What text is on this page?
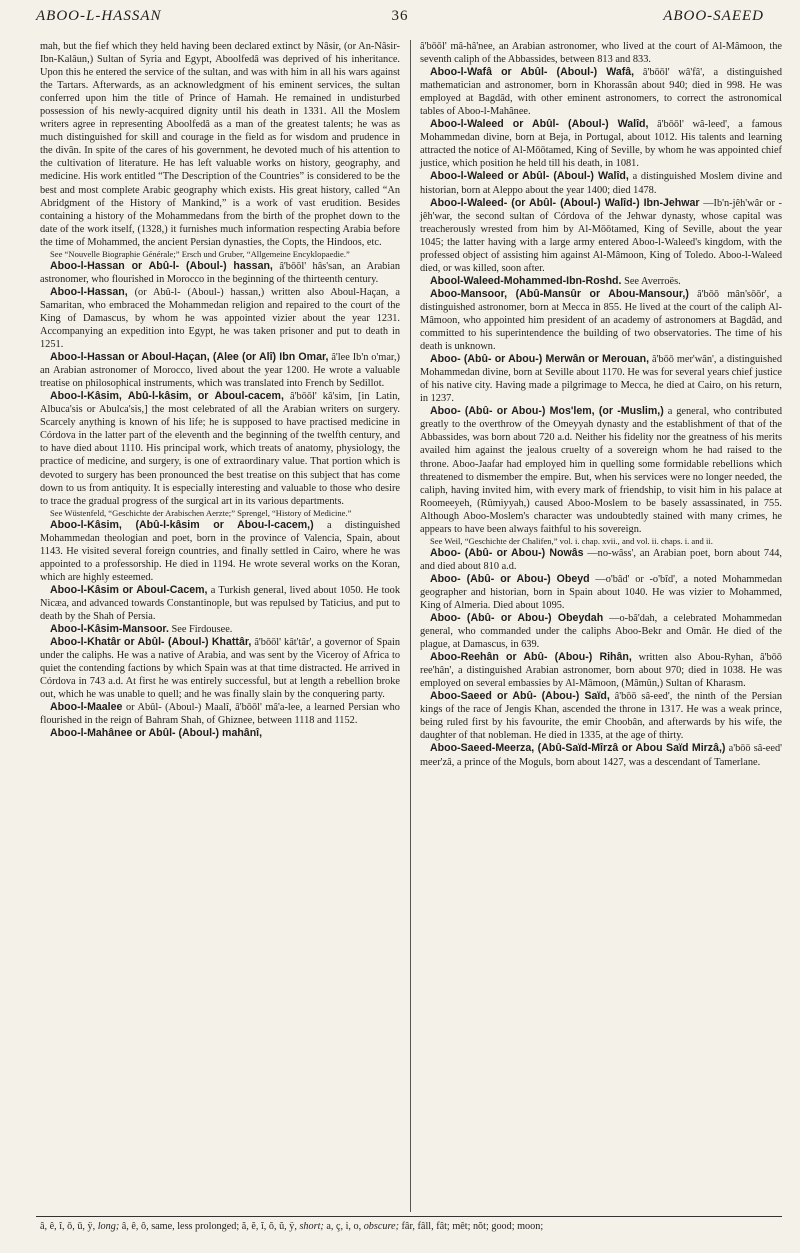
ABOO-L-HASSAN	36	ABOO-SAEED

mah, but the fief which they held having been declared extinct by Nâsir, (or An-Nâsir-Ibn-Kalâun,) Sultan of Syria and Egypt, Aboolfedâ was deprived of his inheritance. Upon this he entered the service of the sultan, and was with him in all his wars against the Tartars. Afterwards, as an acknowledgment of his eminent services, the sultan conferred upon him the title of Prince of Hamah. He remained in undisturbed possession of his newly-acquired dignity until his death in 1331. All the Moslem writers agree in representing Aboolfedâ as a man of the greatest talents; he was as much distinguished for skill and courage in the field as for wisdom and prudence in the divân. In spite of the cares of his government, he devoted much of his attention to the cultivation of literature. He has left valuable works on history, geography, and medicine. His work entitled “The Description of the Countries” is considered to be the best and most complete Arabic geography which exists. His great history, called “An Abridgment of the History of Mankind,” is a work of vast erudition. Besides containing a history of the Mohammedans from the birth of the prophet down to the date of the work itself, (1328,) it furnishes much information respecting Arabia before the time of Mohammed, the ancient Persian dynasties, the Copts, the Hindoos, etc.

See “Nouvelle Biographie Générale;” Ersch und Gruber, “Allgemeine Encyklopaedie.”

Aboo-l-Hassan or Abû-l- (Aboul-) hassan, â'bōōl' hâs'san, an Arabian astronomer, who flourished in Morocco in the beginning of the thirteenth century.

Aboo-l-Hassan, (or Abû-l- (Aboul-) hassan,) written also Aboul-Haçan, a Samaritan, who embraced the Mohammedan religion and repaired to the court of the King of Damascus, by whom he was appointed vizier about the year 1231. Accompanying an expedition into Egypt, he was taken prisoner and put to death in 1251.

Aboo-l-Hassan or Aboul-Haçan, (Alee (or Alî) Ibn Omar, â'lee Ib'n o'mar,) an Arabian astronomer of Morocco, lived about the year 1200. He wrote a valuable treatise on philosophical instruments, which was translated into French by Sedillot.

Aboo-l-Kâsim, Abû-l-kâsim, or Aboul-cacem, â'bōōl' kâ'sim, [in Latin, Albuca'sis or Abulca'sis,] the most celebrated of all the Arabian writers on surgery. Scarcely anything is known of his life; he is supposed to have practised medicine in Córdova in the latter part of the eleventh and the beginning of the twelfth century, and to have died about 1110. His principal work, which treats of anatomy, physiology, the practice of medicine, and surgery, is one of extraordinary value. That portion which is devoted to surgery has been pronounced the best treatise on this subject that has come down to us from antiquity. It is especially interesting and valuable to those who desire to trace the gradual progress of the surgical art in its various departments.

See Wüstenfeld, “Geschichte der Arabischen Aerzte;” Sprengel, “History of Medicine.”

Aboo-l-Kâsim, (Abû-l-kâsim or Abou-l-cacem,) a distinguished Mohammedan theologian and poet, born in the province of Valencia, Spain, about 1143. He visited several foreign countries, and finally settled in Cairo, where he was appointed to a professorship. He died in 1194. He wrote several works on the Koran, which are highly esteemed.

Aboo-l-Kâsim or Aboul-Cacem, a Turkish general, lived about 1050. He took Nicæa, and advanced towards Constantinople, but was repulsed by Taticius, and put to death by the Shah of Persia.

Aboo-l-Kâsim-Mansoor. See Firdousee.

Aboo-l-Khatâr or Abûl- (Aboul-) Khattâr, â'bōōl' kât'târ', a governor of Spain under the caliphs. He was a native of Arabia, and was sent by the Viceroy of Africa to quiet the contending factions by which Spain was at that time distracted. He arrived in Córdova in 743 a.d. At first he was entirely successful, but at length a rebellion broke out, which he was unable to quell; and he was finally slain by the conquering party.

Aboo-l-Maalee or Abûl- (Aboul-) Maalî, â'bōōl' mâ'a-lee, a learned Persian who flourished in the reign of Bahram Shah, of Ghiznee, between 1118 and 1152.

Aboo-l-Mahânee or Abûl- (Aboul-) mahânî,

â'bōōl' mâ-hâ'nee, an Arabian astronomer, who lived at the court of Al-Mâmoon, the seventh caliph of the Abbassides, between 813 and 833.

Aboo-l-Wafâ or Abûl- (Aboul-) Wafâ, â'bōōl' wâ'fâ', a distinguished mathematician and astronomer, born in Khorassân about 940; died in 998. He was employed at Bagdâd, with other eminent astronomers, to correct the astronomical tables of Aboo-l-Mahânee.

Aboo-l-Waleed or Abûl- (Aboul-) Walîd, â'bōōl' wâ-leed', a famous Mohammedan divine, born at Beja, in Portugal, about 1012. His talents and learning attracted the notice of Al-Mōōtamed, King of Seville, by whom he was appointed chief justice, which position he held till his death, in 1081.

Aboo-l-Waleed or Abûl- (Aboul-) Walîd, a distinguished Moslem divine and historian, born at Aleppo about the year 1400; died 1478.

Aboo-l-Waleed- (or Abûl- (Aboul-) Walîd-) Ibn-Jehwar —Ib'n-jêh'wâr or -jêh'war, the second sultan of Córdova of the Jehwar dynasty, whose capital was treacherously wrested from him by Al-Mōōtamed, King of Seville, about the year 1045; the latter having with a large army entered Aboo-l-Waleed's kingdom, with the professed object of assisting him against Al-Mâmoon, King of Toledo. Aboo-l-Waleed died, or was killed, soon after.

Abool-Waleed-Mohammed-Ibn-Roshd. See Averroës.

Aboo-Mansoor, (Abû-Mansûr or Abou-Mansour,) â'bōō mân'sōōr', a distinguished astronomer, born at Mecca in 855. He lived at the court of the caliph Al-Mâmoon, who appointed him president of an academy of astronomers at Bagdâd, and committed to his superintendence the building of two observatories. The time of his death is unknown.

Aboo- (Abû- or Abou-) Merwân or Merouan, â'bōō mer'wân', a distinguished Mohammedan divine, born at Seville about 1170. He was for several years chief justice of his native city. Having made a pilgrimage to Mecca, he died at Cairo, on his return, in 1237.

Aboo- (Abû- or Abou-) Mos'lem, (or -Muslim,) a general, who contributed greatly to the overthrow of the Omeyyah dynasty and the establishment of that of the Abbassides, was born about 720 a.d. Neither his fidelity nor the greatness of his merits availed him against the jealous cruelty of a sovereign whom he had raised to the throne. Aboo-Jaafar had employed him in quelling some formidable rebellions which threatened to dismember the empire. But, when his services were no longer needed, the caliph, having invited him, with every mark of friendship, to visit him in his palace at Roomeeyeh, (Rûmiyyah,) caused Aboo-Moslem to be basely assassinated, in 755. Although Aboo-Moslem's character was undoubtedly stained with many crimes, he appears to have been always faithful to his sovereign.

See Weil, “Geschichte der Chalifen,” vol. i. chap. xvii., and vol. ii. chaps. i. and ii.

Aboo- (Abû- or Abou-) Nowâs —no-wâss', an Arabian poet, born about 744, and died about 810 a.d.

Aboo- (Abû- or Abou-) Obeyd —o'bâd' or -o'bîd', a noted Mohammedan geographer and historian, born in Spain about 1040. He was vizier to Mohammed, King of Almeria. Died about 1095.

Aboo- (Abû- or Abou-) Obeydah —o-bâ'dah, a celebrated Mohammedan general, who commanded under the caliphs Aboo-Bekr and Omâr. He died of the plague, at Damascus, in 639.

Aboo-Reehân or Abû- (Abou-) Rihân, written also Abou-Ryhan, â'bōō ree'hân', a distinguished Arabian astronomer, born about 970; died in 1038. He was employed on several embassies by Al-Mâmoon, (Mâmûn,) Sultan of Kharasm.

Aboo-Saeed or Abû- (Abou-) Saïd, â'bōō sâ-eed', the ninth of the Persian kings of the race of Jengis Khan, ascended the throne in 1317. He was a weak prince, being ruled first by his favourite, the emir Choobân, and afterwards by his wife, the daughter of that nobleman. He died in 1335, at the age of thirty.

Aboo-Saeed-Meerza, (Abû-Saïd-Mîrzâ or Abou Saïd Mirzâ,) a'bōō sâ-eed' meer'zâ, a prince of the Moguls, born about 1427, was a descendant of Tamerlane.

â, ê, î, ō, ū, ÿ, long; â, ê, ô, same, less prolonged; ă, ĕ, ĭ, ŏ, ŭ, ÿ, short; a, ç, i, o, obscure; fâr, fâll, fât; mêt; nŏt; good; moon;
